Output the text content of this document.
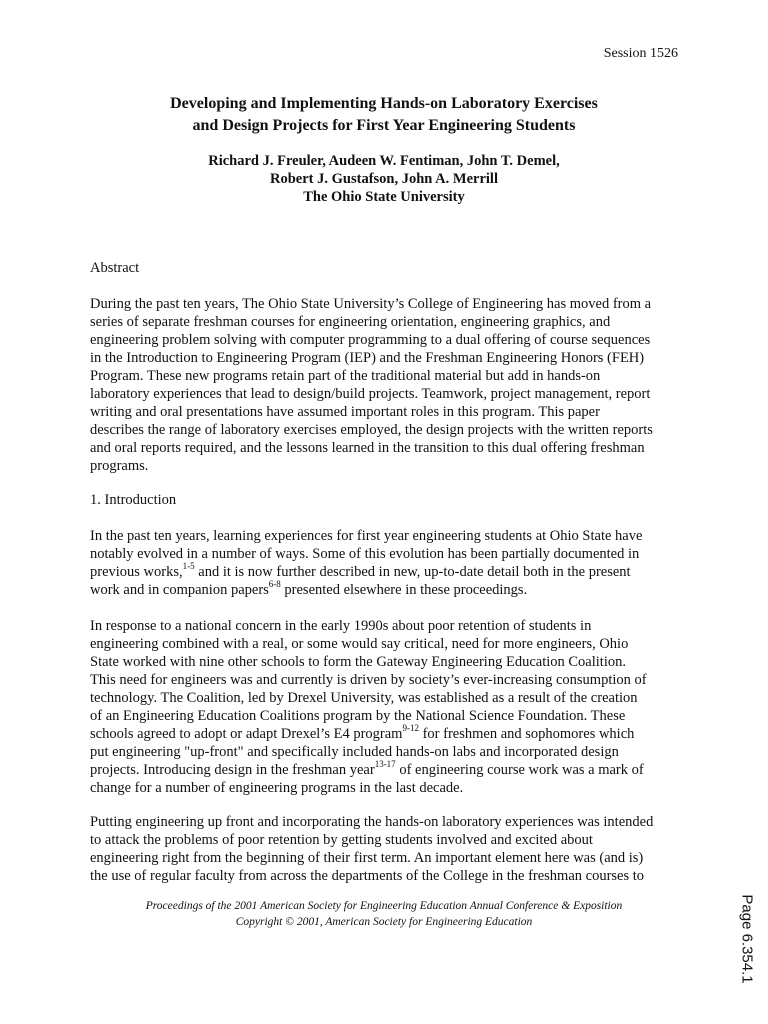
Session 1526
Developing and Implementing Hands-on Laboratory Exercises
and Design Projects for First Year Engineering Students
Richard J. Freuler, Audeen W. Fentiman, John T. Demel,
Robert J. Gustafson, John A. Merrill
The Ohio State University
Abstract
During the past ten years, The Ohio State University’s College of Engineering has moved from a
series of separate freshman courses for engineering orientation, engineering graphics, and
engineering problem solving with computer programming to a dual offering of course sequences
in the Introduction to Engineering Program (IEP) and the Freshman Engineering Honors (FEH)
Program. These new programs retain part of the traditional material but add in hands-on
laboratory experiences that lead to design/build projects. Teamwork, project management, report
writing and oral presentations have assumed important roles in this program. This paper
describes the range of laboratory exercises employed, the design projects with the written reports
and oral reports required, and the lessons learned in the transition to this dual offering freshman
programs.
1. Introduction
In the past ten years, learning experiences for first year engineering students at Ohio State have
notably evolved in a number of ways. Some of this evolution has been partially documented in
previous works,$^{1-5}$ and it is now further described in new, up-to-date detail both in the present
work and in companion papers$^{6-8}$ presented elsewhere in these proceedings.
In response to a national concern in the early 1990s about poor retention of students in
engineering combined with a real, or some would say critical, need for more engineers, Ohio
State worked with nine other schools to form the Gateway Engineering Education Coalition.
This need for engineers was and currently is driven by society’s ever-increasing consumption of
technology. The Coalition, led by Drexel University, was established as a result of the creation
of an Engineering Education Coalitions program by the National Science Foundation. These
schools agreed to adopt or adapt Drexel’s E4 program$^{9-12}$ for freshmen and sophomores which
put engineering "up-front" and specifically included hands-on labs and incorporated design
projects. Introducing design in the freshman year$^{13-17}$ of engineering course work was a mark of
change for a number of engineering programs in the last decade.
Putting engineering up front and incorporating the hands-on laboratory experiences was intended
to attack the problems of poor retention by getting students involved and excited about
engineering right from the beginning of their first term. An important element here was (and is)
the use of regular faculty from across the departments of the College in the freshman courses to
Proceedings of the 2001 American Society for Engineering Education Annual Conference & Exposition
Copyright © 2001, American Society for Engineering Education	Page 6.354.1
